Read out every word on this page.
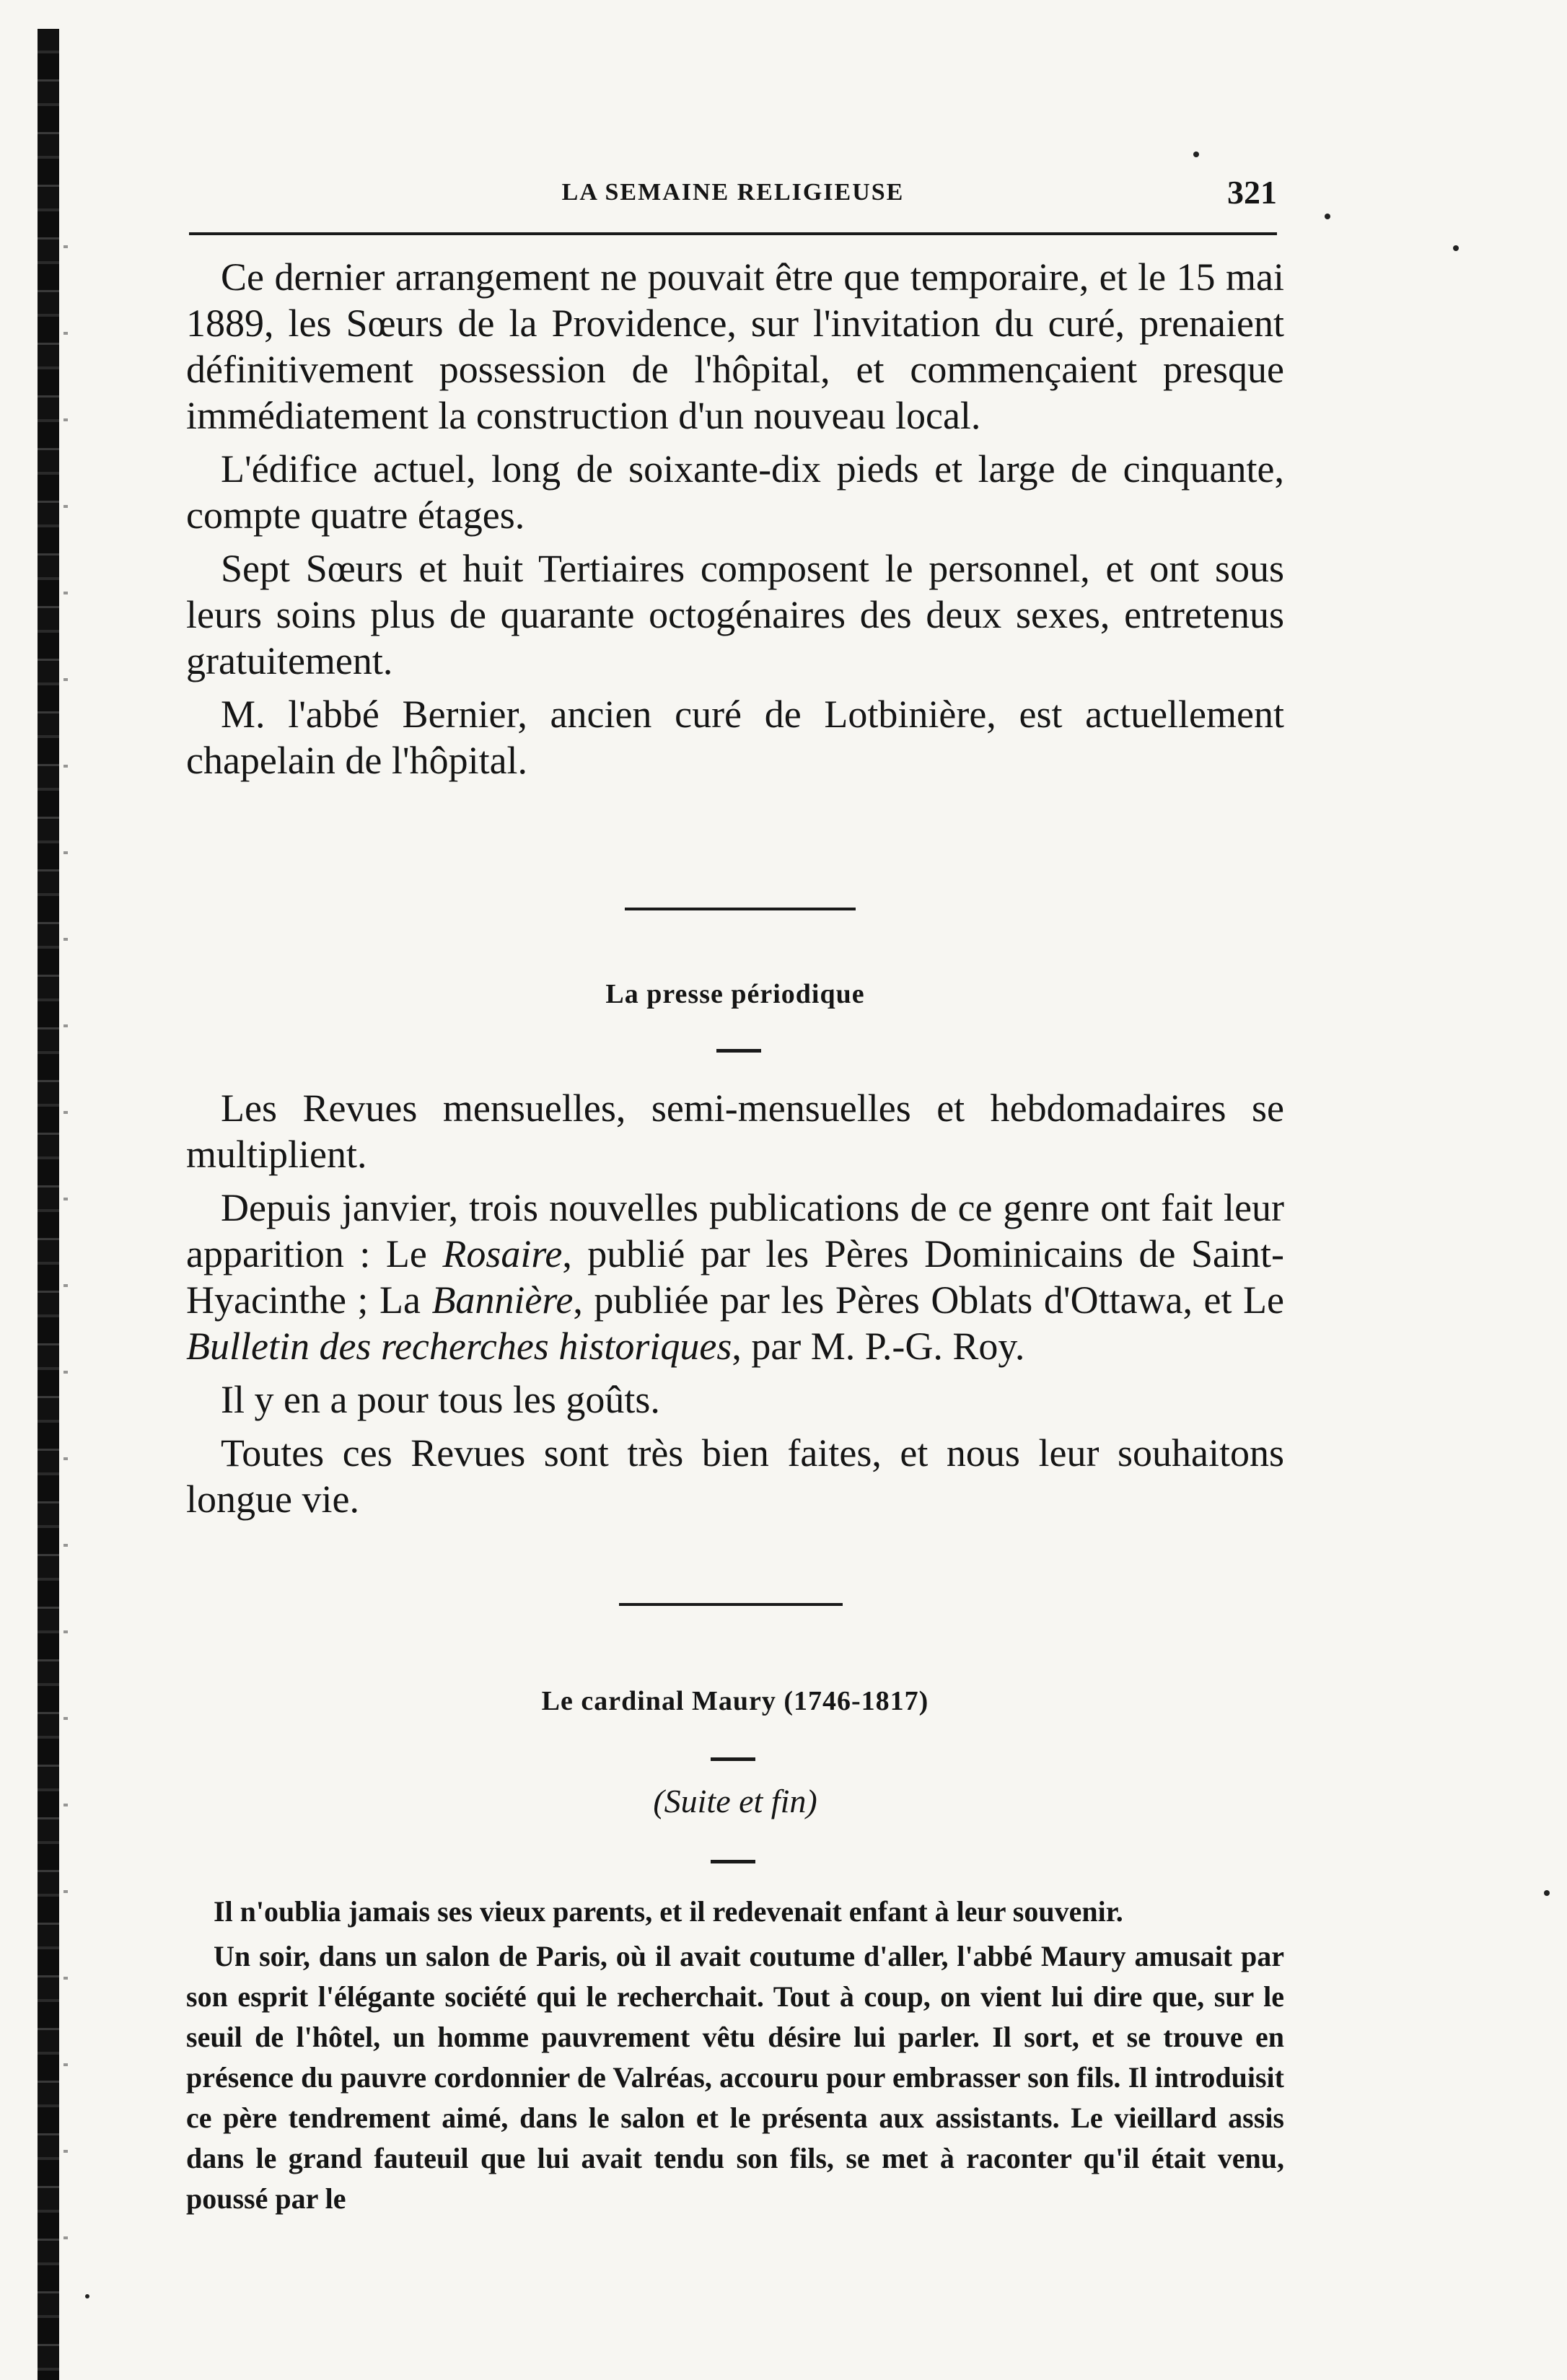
LA SEMAINE RELIGIEUSE	321

Ce dernier arrangement ne pouvait être que temporaire, et le 15 mai 1889, les Sœurs de la Providence, sur l'invitation du curé, prenaient définitivement possession de l'hôpital, et commençaient presque immédiatement la construction d'un nouveau local.

L'édifice actuel, long de soixante-dix pieds et large de cinquante, compte quatre étages.

Sept Sœurs et huit Tertiaires composent le personnel, et ont sous leurs soins plus de quarante octogénaires des deux sexes, entretenus gratuitement.

M. l'abbé Bernier, ancien curé de Lotbinière, est actuellement chapelain de l'hôpital.

La presse périodique

Les Revues mensuelles, semi-mensuelles et hebdomadaires se multiplient.

Depuis janvier, trois nouvelles publications de ce genre ont fait leur apparition : Le Rosaire, publié par les Pères Dominicains de Saint-Hyacinthe ; La Bannière, publiée par les Pères Oblats d'Ottawa, et Le Bulletin des recherches historiques, par M. P.-G. Roy.

Il y en a pour tous les goûts.

Toutes ces Revues sont très bien faites, et nous leur souhaitons longue vie.

Le cardinal Maury (1746-1817)
(Suite et fin)

Il n'oublia jamais ses vieux parents, et il redevenait enfant à leur souvenir.

Un soir, dans un salon de Paris, où il avait coutume d'aller, l'abbé Maury amusait par son esprit l'élégante société qui le recherchait. Tout à coup, on vient lui dire que, sur le seuil de l'hôtel, un homme pauvrement vêtu désire lui parler. Il sort, et se trouve en présence du pauvre cordonnier de Valréas, accouru pour embrasser son fils. Il introduisit ce père tendrement aimé, dans le salon et le présenta aux assistants. Le vieillard assis dans le grand fauteuil que lui avait tendu son fils, se met à raconter qu'il était venu, poussé par le
